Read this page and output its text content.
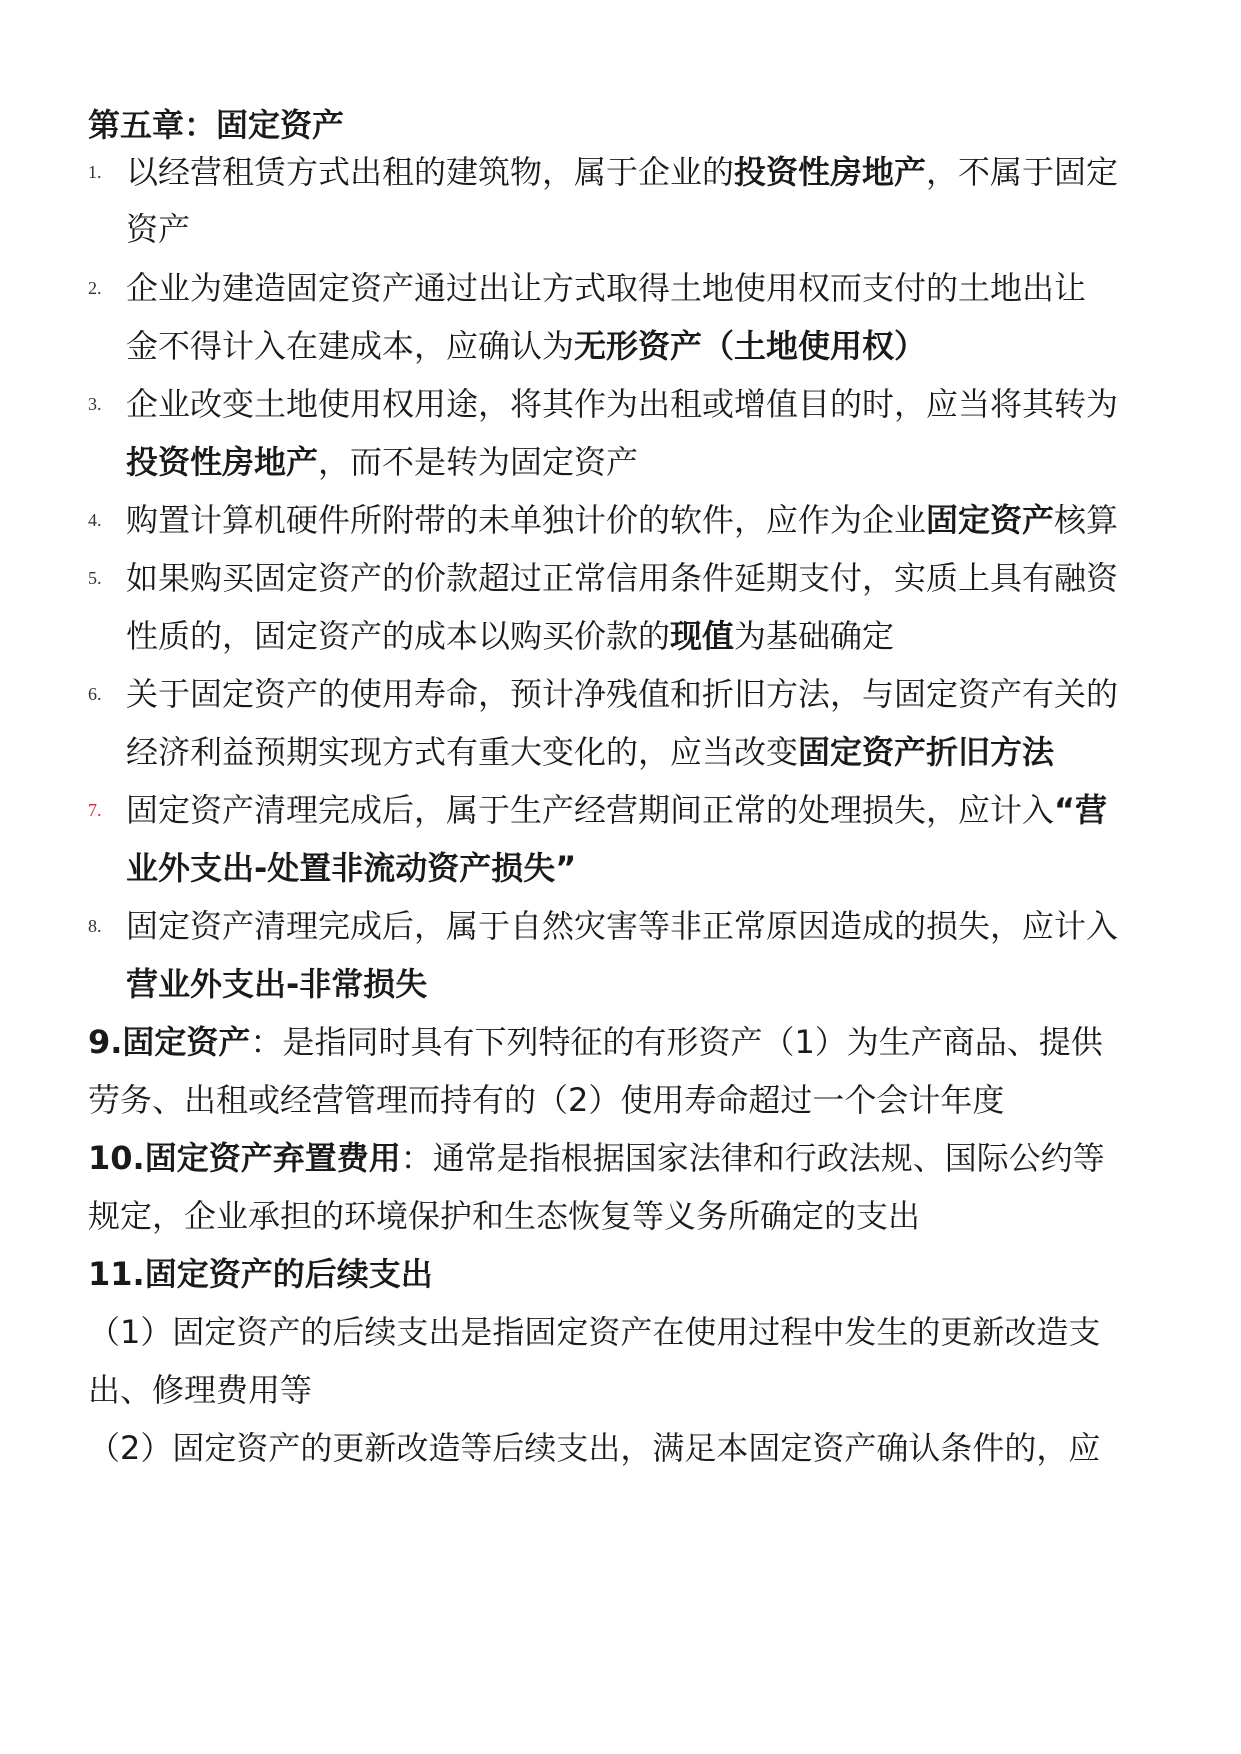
第五章：固定资产
1. 以经营租赁方式出租的建筑物，属于企业的投资性房地产，不属于固定
资产
2. 企业为建造固定资产通过出让方式取得土地使用权而支付的土地出让
金不得计入在建成本，应确认为无形资产（土地使用权）
3. 企业改变土地使用权用途，将其作为出租或增值目的时，应当将其转为
投资性房地产，而不是转为固定资产
4. 购置计算机硬件所附带的未单独计价的软件，应作为企业固定资产核算
5. 如果购买固定资产的价款超过正常信用条件延期支付，实质上具有融资
性质的，固定资产的成本以购买价款的现值为基础确定
6. 关于固定资产的使用寿命，预计净残值和折旧方法，与固定资产有关的
经济利益预期实现方式有重大变化的，应当改变固定资产折旧方法
7. 固定资产清理完成后，属于生产经营期间正常的处理损失，应计入“营
业外支出-处置非流动资产损失”
8. 固定资产清理完成后，属于自然灾害等非正常原因造成的损失，应计入
营业外支出-非常损失
9.固定资产：是指同时具有下列特征的有形资产（1）为生产商品、提供
劳务、出租或经营管理而持有的（2）使用寿命超过一个会计年度
10.固定资产弃置费用：通常是指根据国家法律和行政法规、国际公约等
规定，企业承担的环境保护和生态恢复等义务所确定的支出
11.固定资产的后续支出
（1）固定资产的后续支出是指固定资产在使用过程中发生的更新改造支
出、修理费用等
（2）固定资产的更新改造等后续支出，满足本固定资产确认条件的，应
